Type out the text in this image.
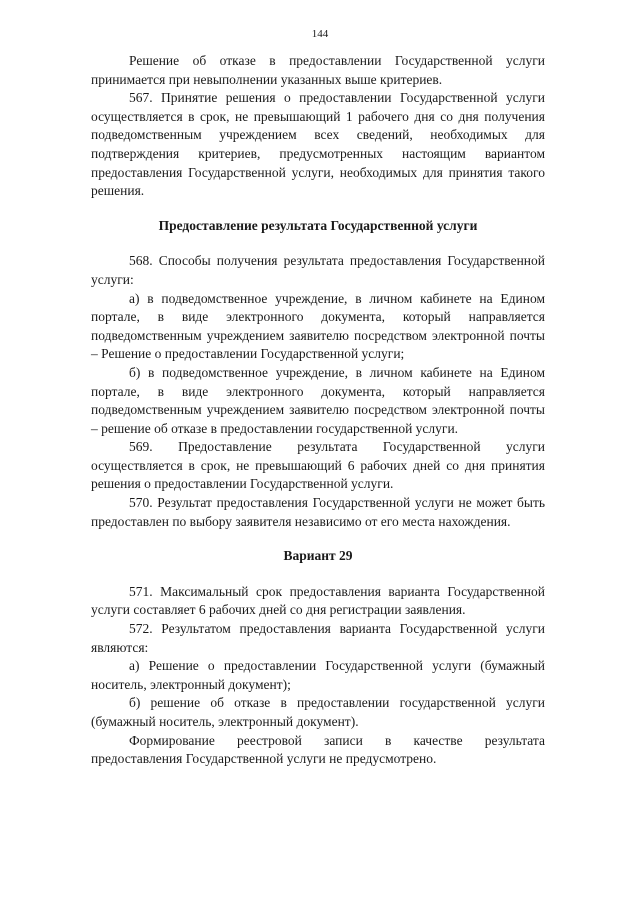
144

Решение об отказе в предоставлении Государственной услуги принимается при невыполнении указанных выше критериев.

567. Принятие решения о предоставлении Государственной услуги осуществляется в срок, не превышающий 1 рабочего дня со дня получения подведомственным учреждением всех сведений, необходимых для подтверждения критериев, предусмотренных настоящим вариантом предоставления Государственной услуги, необходимых для принятия такого решения.

Предоставление результата Государственной услуги

568. Способы получения результата предоставления Государственной услуги:

а) в подведомственное учреждение, в личном кабинете на Едином портале, в виде электронного документа, который направляется подведомственным учреждением заявителю посредством электронной почты – Решение о предоставлении Государственной услуги;

б) в подведомственное учреждение, в личном кабинете на Едином портале, в виде электронного документа, который направляется подведомственным учреждением заявителю посредством электронной почты – решение об отказе в предоставлении государственной услуги.

569. Предоставление результата Государственной услуги осуществляется в срок, не превышающий 6 рабочих дней со дня принятия решения о предоставлении Государственной услуги.

570. Результат предоставления Государственной услуги не может быть предоставлен по выбору заявителя независимо от его места нахождения.

Вариант 29

571. Максимальный срок предоставления варианта Государственной услуги составляет 6 рабочих дней со дня регистрации заявления.

572. Результатом предоставления варианта Государственной услуги являются:

а) Решение о предоставлении Государственной услуги (бумажный носитель, электронный документ);

б) решение об отказе в предоставлении государственной услуги (бумажный носитель, электронный документ).

Формирование реестровой записи в качестве результата предоставления Государственной услуги не предусмотрено.
